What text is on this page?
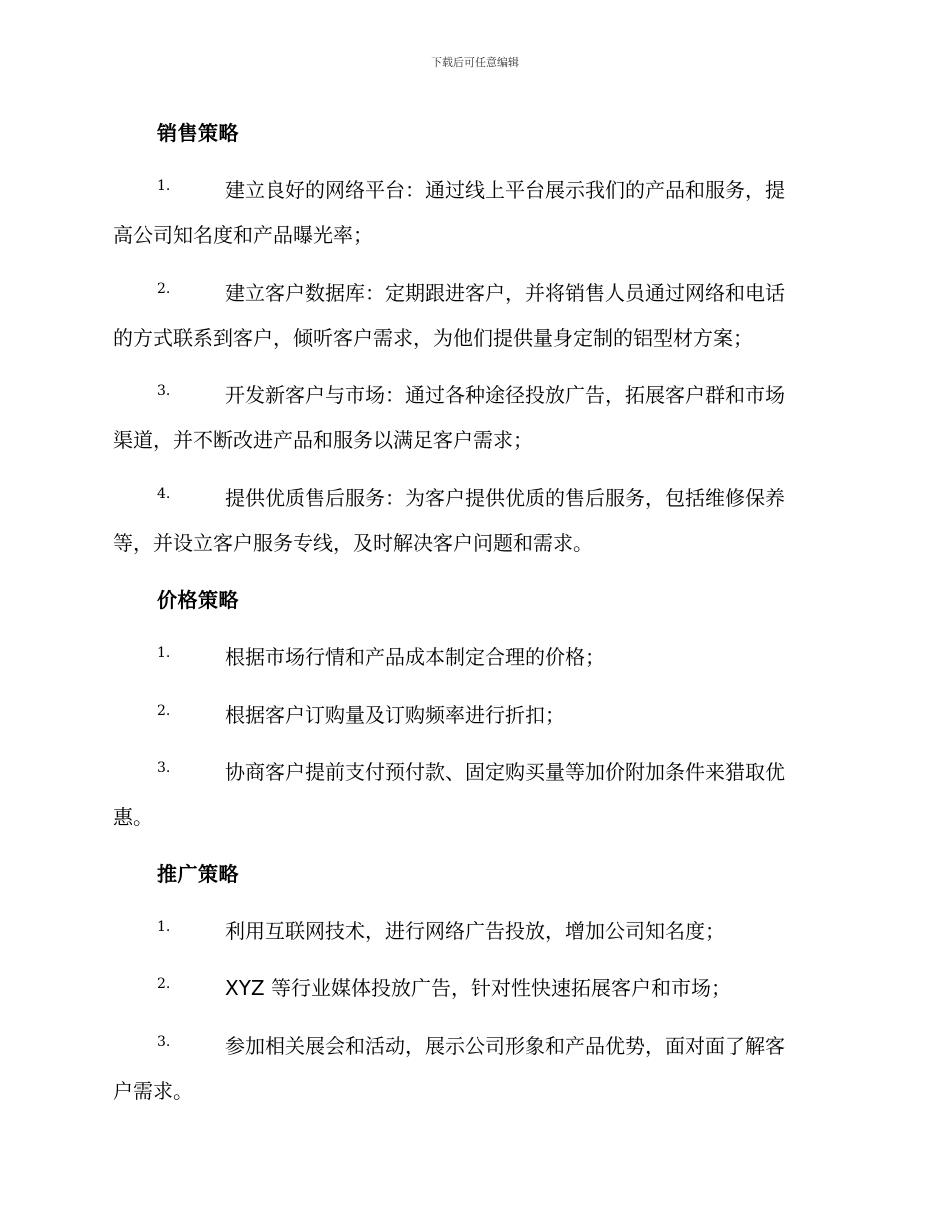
下载后可任意编辑
销售策略
1.	建立良好的网络平台：通过线上平台展示我们的产品和服务，提
高公司知名度和产品曝光率；
2.	建立客户数据库：定期跟进客户，并将销售人员通过网络和电话
的方式联系到客户，倾听客户需求，为他们提供量身定制的铝型材方案；
3.	开发新客户与市场：通过各种途径投放广告，拓展客户群和市场
渠道，并不断改进产品和服务以满足客户需求；
4.	提供优质售后服务：为客户提供优质的售后服务，包括维修保养
等，并设立客户服务专线，及时解决客户问题和需求。
价格策略
1.	根据市场行情和产品成本制定合理的价格；
2.	根据客户订购量及订购频率进行折扣；
3.	协商客户提前支付预付款、固定购买量等加价附加条件来猎取优
惠。
推广策略
1.	利用互联网技术，进行网络广告投放，增加公司知名度；
2.	XYZ 等行业媒体投放广告，针对性快速拓展客户和市场；
3.	参加相关展会和活动，展示公司形象和产品优势，面对面了解客
户需求。
